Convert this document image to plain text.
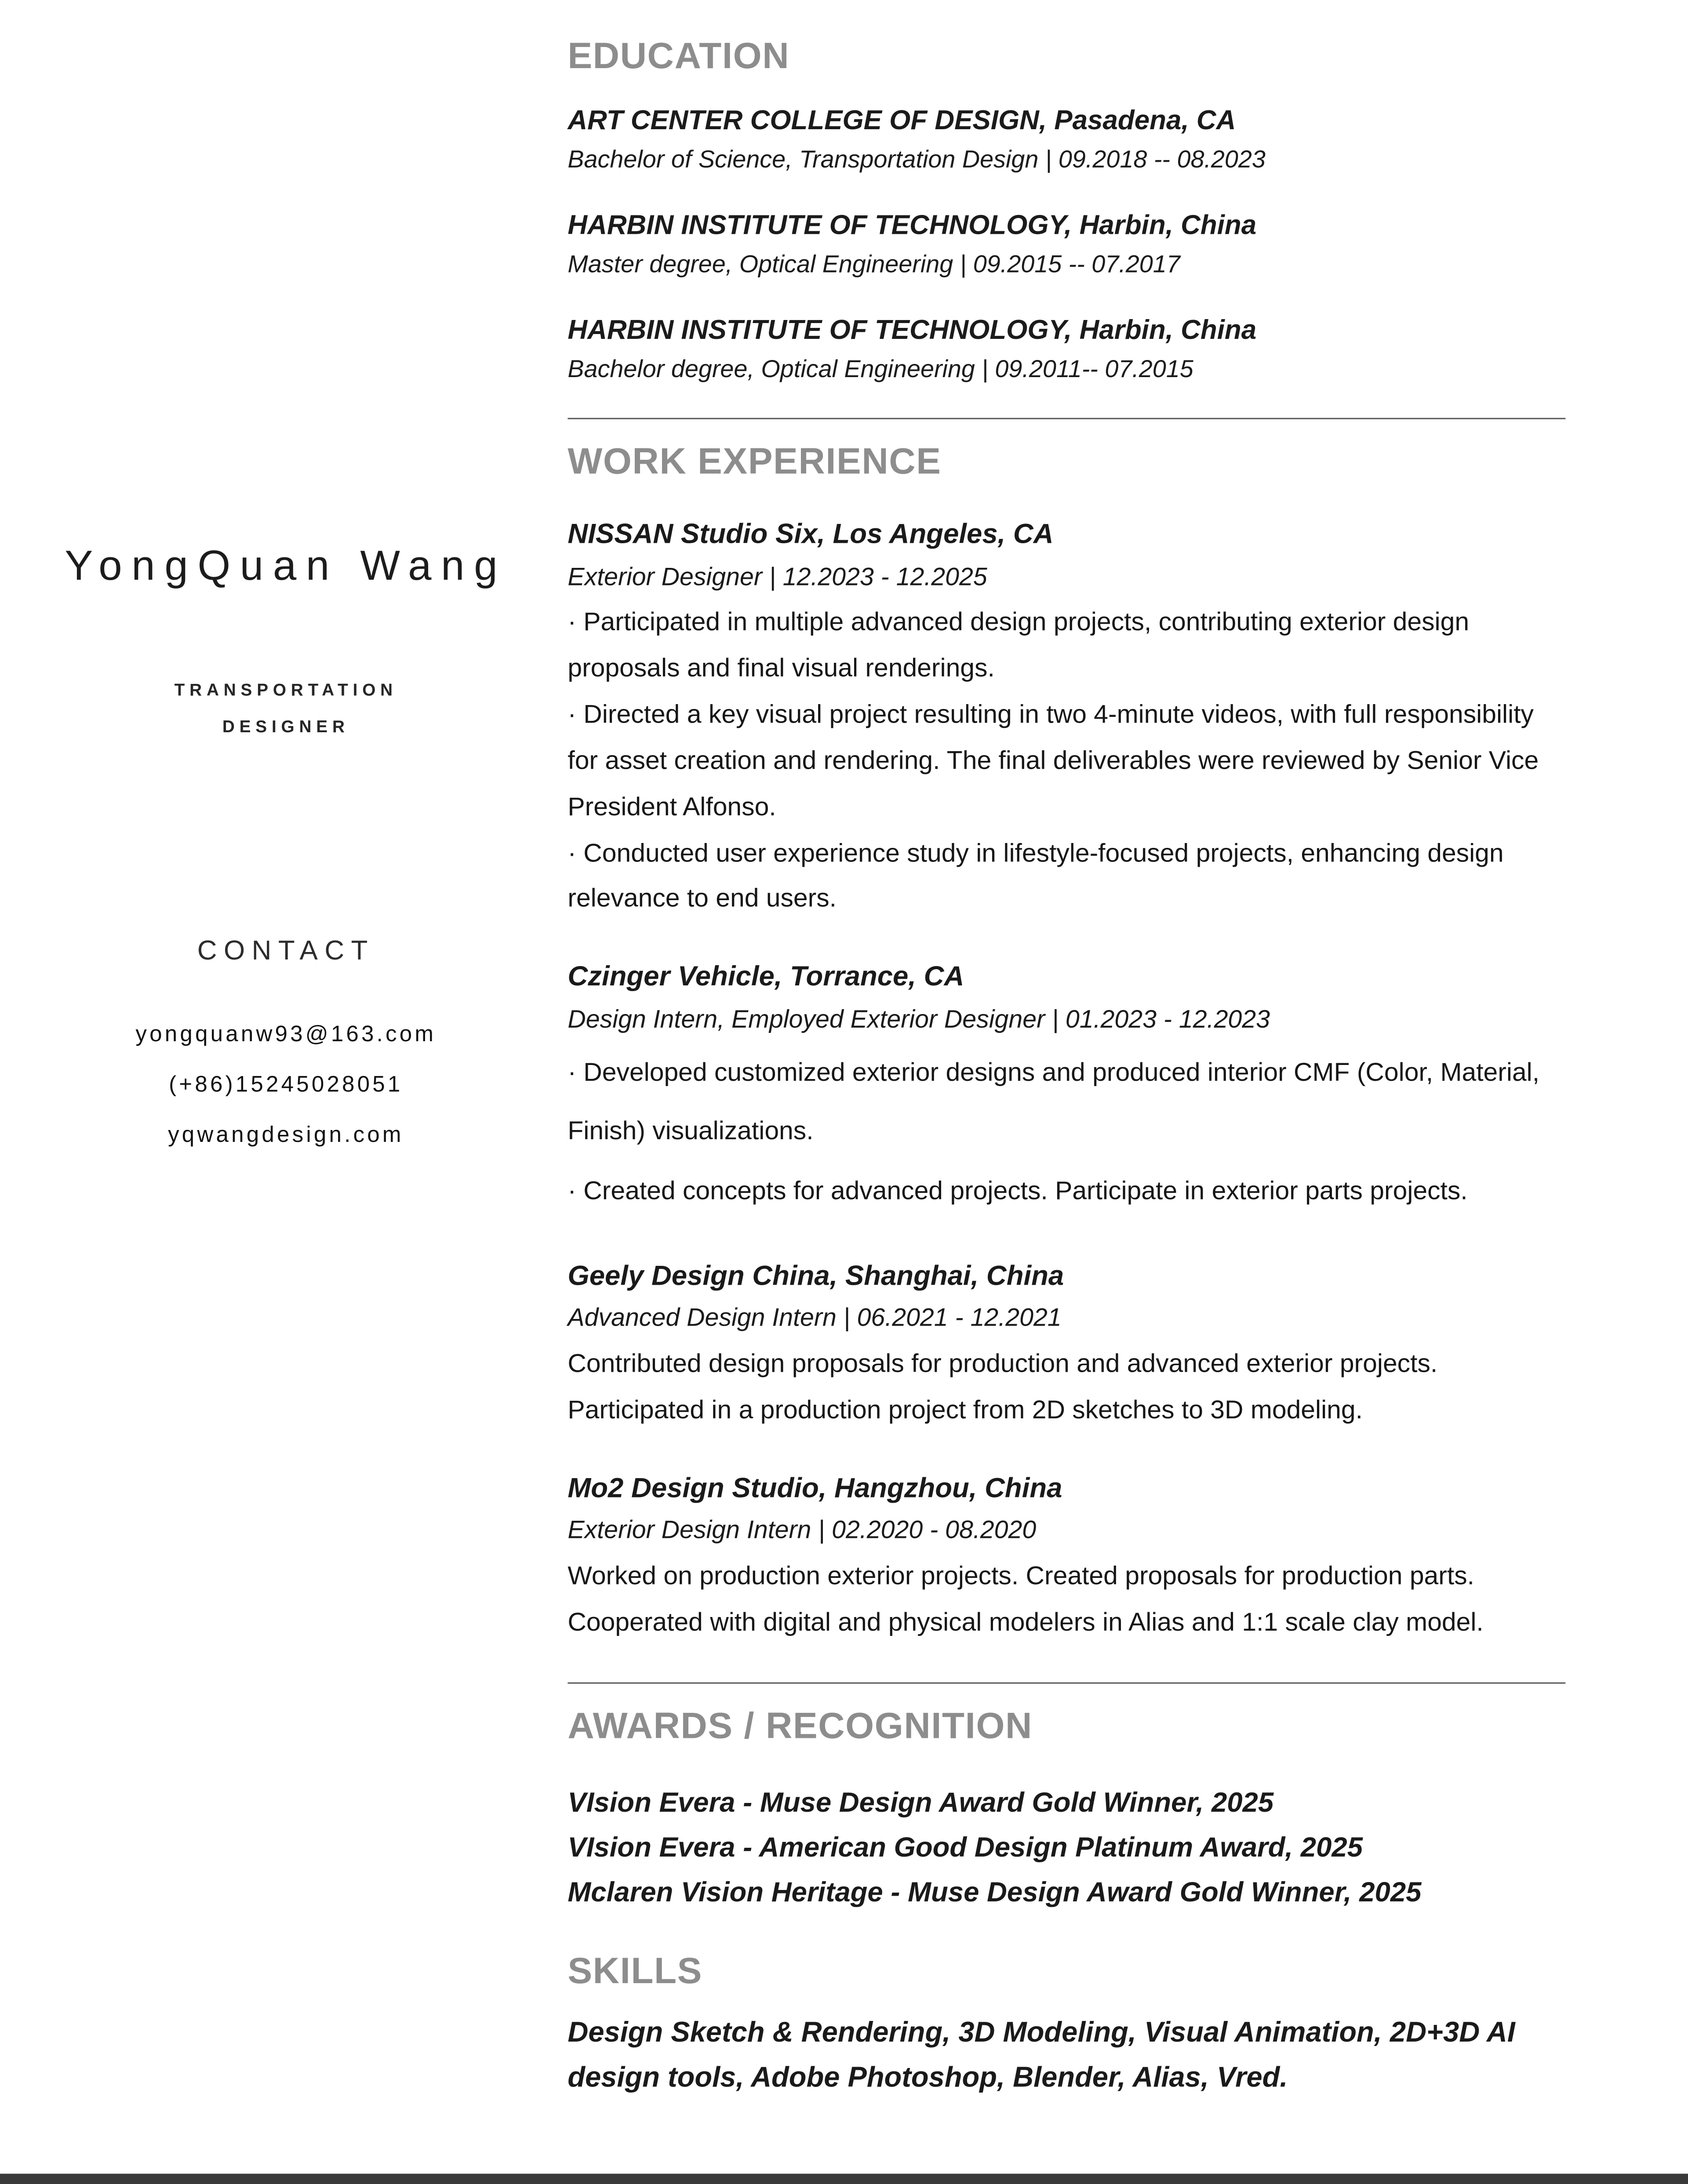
YongQuan Wang
TRANSPORTATION
DESIGNER
CONTACT
yongquanw93@163.com
(+86)15245028051
yqwangdesign.com
EDUCATION
ART CENTER COLLEGE OF DESIGN, Pasadena, CA
Bachelor of Science, Transportation Design | 09.2018 -- 08.2023
HARBIN INSTITUTE OF TECHNOLOGY, Harbin, China
Master degree, Optical Engineering | 09.2015 -- 07.2017
HARBIN INSTITUTE OF TECHNOLOGY, Harbin, China
Bachelor degree, Optical Engineering | 09.2011-- 07.2015
WORK EXPERIENCE
NISSAN Studio Six, Los Angeles, CA
Exterior Designer | 12.2023 - 12.2025

· Participated in multiple advanced design projects, contributing exterior design proposals and final visual renderings.

· Directed a key visual project resulting in two 4-minute videos, with full responsibility for asset creation and rendering. The final deliverables were reviewed by Senior Vice President Alfonso.

· Conducted user experience study in lifestyle-focused projects, enhancing design relevance to end users.

Czinger Vehicle, Torrance, CA
Design Intern, Employed Exterior Designer | 01.2023 - 12.2023

· Developed customized exterior designs and produced interior CMF (Color, Material, Finish) visualizations.

· Created concepts for advanced projects. Participate in exterior parts projects.

Geely Design China, Shanghai, China
Advanced Design Intern | 06.2021 - 12.2021

Contributed design proposals for production and advanced exterior projects. Participated in a production project from 2D sketches to 3D modeling.

Mo2 Design Studio, Hangzhou, China
Exterior Design Intern | 02.2020 - 08.2020

Worked on production exterior projects. Created proposals for production parts. Cooperated with digital and physical modelers in Alias and 1:1 scale clay model.

AWARDS / RECOGNITION
VIsion Evera - Muse Design Award Gold Winner, 2025
VIsion Evera - American Good Design Platinum Award, 2025
Mclaren Vision Heritage - Muse Design Award Gold Winner, 2025
SKILLS
Design Sketch & Rendering, 3D Modeling, Visual Animation, 2D+3D AI design tools, Adobe Photoshop, Blender, Alias, Vred.
